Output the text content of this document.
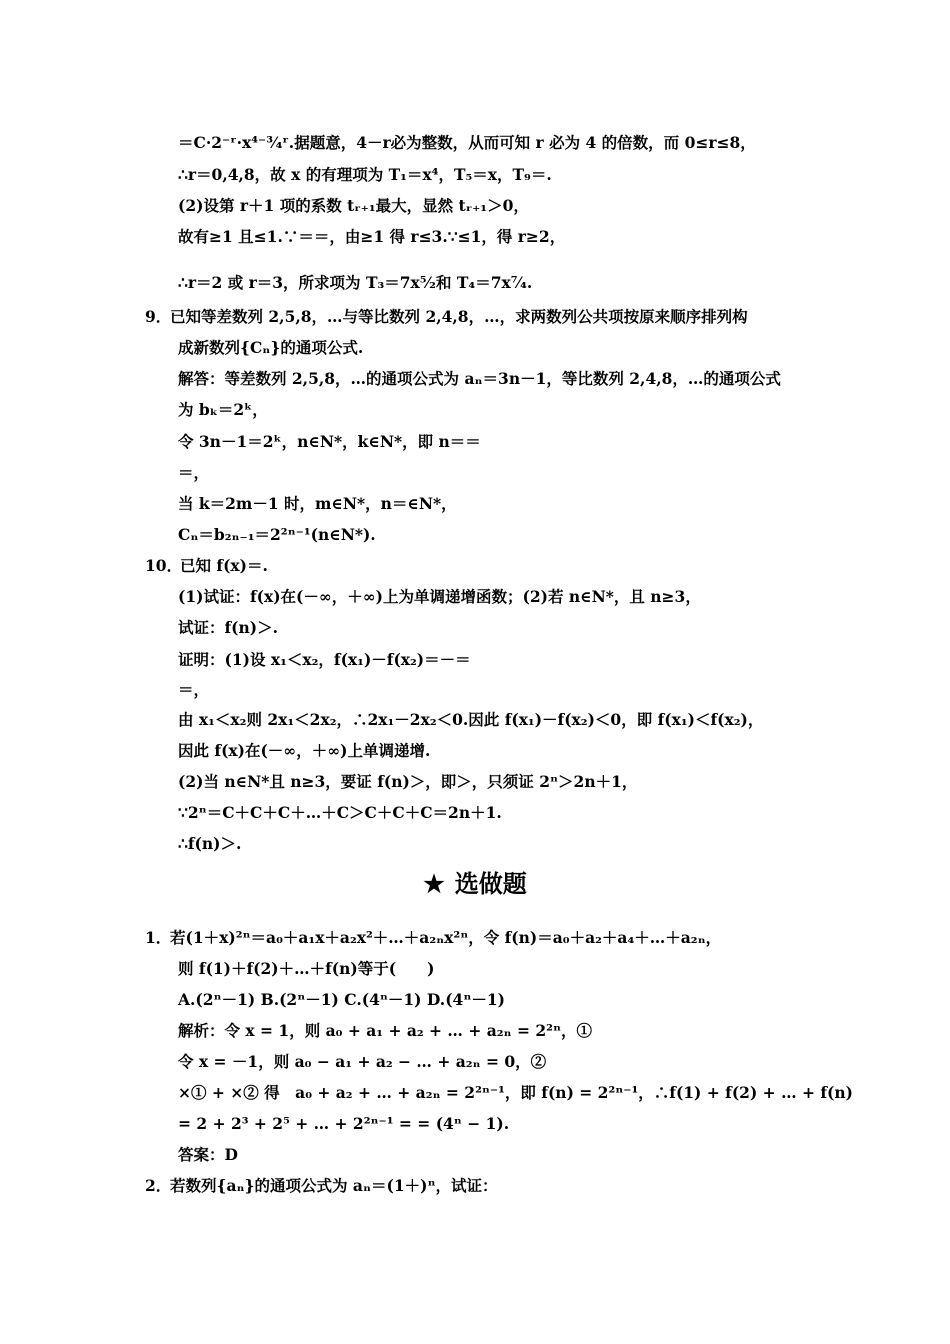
＝C·2⁻ʳ·x⁴⁻³⁄₄ʳ.据题意，4－r必为整数，从而可知 r 必为 4 的倍数，而 0≤r≤8，
∴r＝0,4,8，故 x 的有理项为 T₁＝x⁴，T₅＝x，T₉＝.
(2)设第 r＋1 项的系数 tᵣ₊₁最大，显然 tᵣ₊₁＞0，
故有≥1 且≤1.∵＝＝，由≥1 得 r≤3.∵≤1，得 r≥2，
∴r＝2 或 r＝3，所求项为 T₃＝7x⁵⁄₂和 T₄＝7x⁷⁄₄.
9．
已知等差数列 2,5,8，…与等比数列 2,4,8，…，求两数列公共项按原来顺序排列构
成新数列{Cₙ}的通项公式.
解答：等差数列 2,5,8，…的通项公式为 aₙ＝3n－1，等比数列 2,4,8，…的通项公式
为 bₖ＝2ᵏ，
令 3n－1＝2ᵏ，n∈N*，k∈N*，即 n＝＝
＝，
当 k＝2m－1 时，m∈N*，n＝∈N*，
Cₙ＝b₂ₙ₋₁＝2²ⁿ⁻¹(n∈N*).
10．
已知 f(x)＝.
(1)试证：f(x)在(－∞，＋∞)上为单调递增函数；(2)若 n∈N*，且 n≥3，
试证：f(n)＞.
证明：(1)设 x₁＜x₂，f(x₁)－f(x₂)＝－＝
＝，
由 x₁＜x₂则 2x₁＜2x₂，∴2x₁－2x₂＜0.因此 f(x₁)－f(x₂)＜0，即 f(x₁)＜f(x₂)，
因此 f(x)在(－∞，＋∞)上单调递增.
(2)当 n∈N*且 n≥3，要证 f(n)＞，即＞，只须证 2ⁿ＞2n＋1，
∵2ⁿ＝C＋C＋C＋…＋C＞C＋C＋C＝2n＋1.
∴f(n)＞.
★ 选做题
1．
若(1＋x)²ⁿ＝a₀＋a₁x＋a₂x²＋…＋a₂ₙx²ⁿ，令 f(n)＝a₀＋a₂＋a₄＋…＋a₂ₙ，
则 f(1)＋f(2)＋…＋f(n)等于(　　)
A.(2ⁿ－1) B.(2ⁿ－1) C.(4ⁿ－1) D.(4ⁿ－1)
解析：令 x = 1，则 a₀ + a₁ + a₂ + … + a₂ₙ = 2²ⁿ，①
令 x = －1，则 a₀ − a₁ + a₂ − … + a₂ₙ = 0，②
×① + ×② 得　a₀ + a₂ + … + a₂ₙ = 2²ⁿ⁻¹，即 f(n) = 2²ⁿ⁻¹，∴f(1) + f(2) + … + f(n)
= 2 + 2³ + 2⁵ + … + 2²ⁿ⁻¹ = = (4ⁿ − 1).
答案：D
2．
若数列{aₙ}的通项公式为 aₙ＝(1＋)ⁿ，试证：
